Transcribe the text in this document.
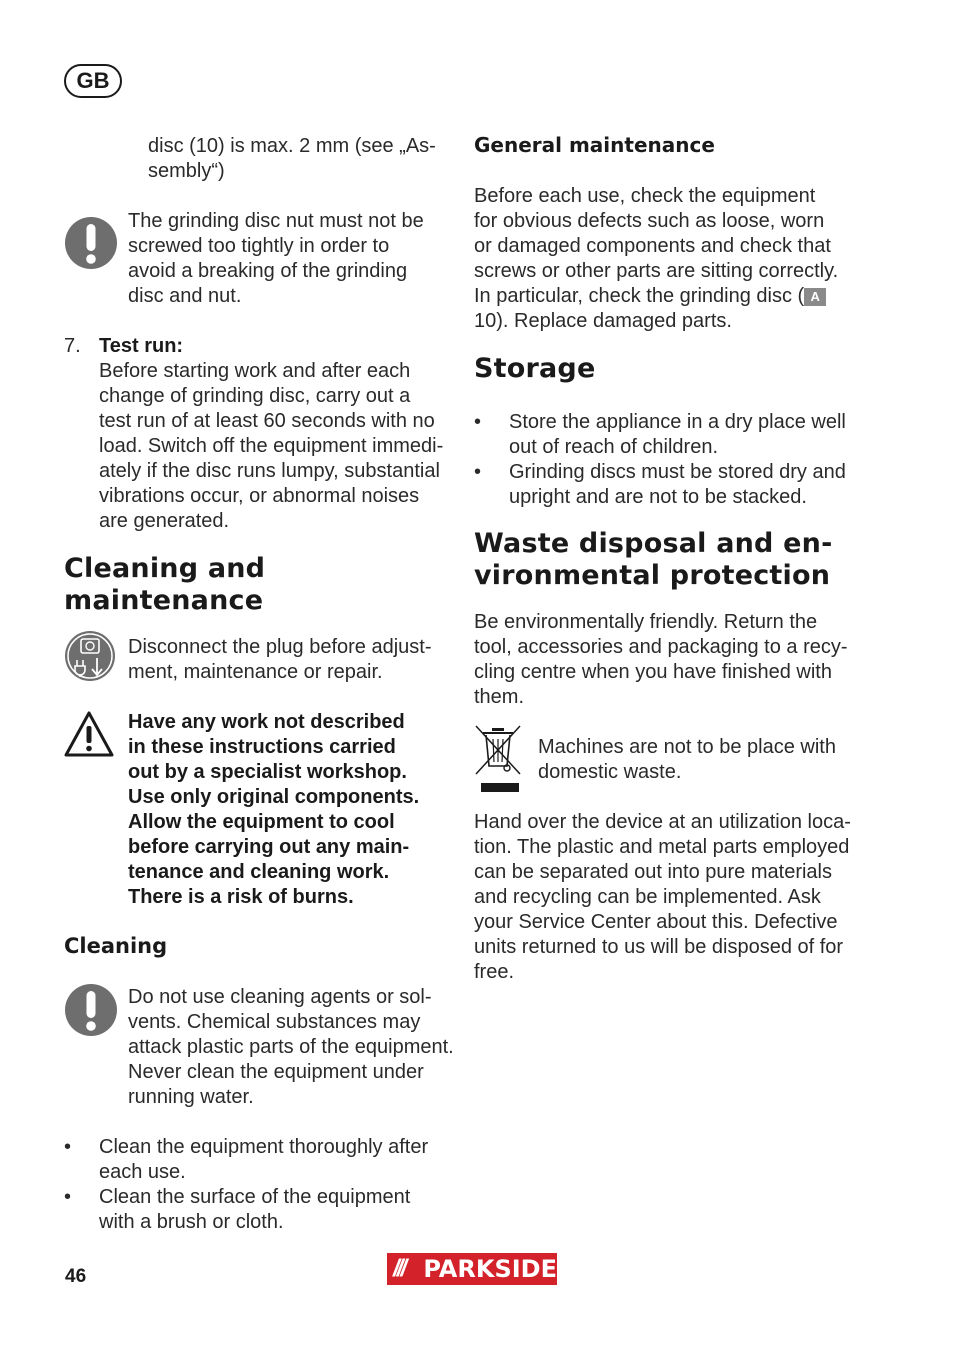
GB
disc (10) is max. 2 mm (see „As-
sembly“)
The grinding disc nut must not be
screwed too tightly in order to
avoid a breaking of the grinding
disc and nut.
7. Test run:
Before starting work and after each
change of grinding disc, carry out a
test run of at least 60 seconds with no
load. Switch off the equipment immedi-
ately if the disc runs lumpy, substantial
vibrations occur, or abnormal noises
are generated.
Cleaning and
maintenance
Disconnect the plug before adjust-
ment, maintenance or repair.
Have any work not described
in these instructions carried
out by a specialist workshop.
Use only original components.
Allow the equipment to cool
before carrying out any main-
tenance and cleaning work.
There is a risk of burns.
Cleaning
Do not use cleaning agents or sol-
vents. Chemical substances may
attack plastic parts of the equipment.
Never clean the equipment under
running water.
•	Clean the equipment thoroughly after
each use.
•	Clean the surface of the equipment
with a brush or cloth.
General maintenance
Before each use, check the equipment
for obvious defects such as loose, worn
or damaged components and check that
screws or other parts are sitting correctly.
In particular, check the grinding disc ( A
10). Replace damaged parts.
Storage
•	Store the appliance in a dry place well
out of reach of children.
•	Grinding discs must be stored dry and
upright and are not to be stacked.
Waste disposal and en-
vironmental protection
Be environmentally friendly. Return the
tool, accessories and packaging to a recy-
cling centre when you have finished with
them.
Machines are not to be place with
domestic waste.
Hand over the device at an utilization loca-
tion. The plastic and metal parts employed
can be separated out into pure materials
and recycling can be implemented. Ask
your Service Center about this. Defective
units returned to us will be disposed of for
free.
46	/// PARKSIDE
